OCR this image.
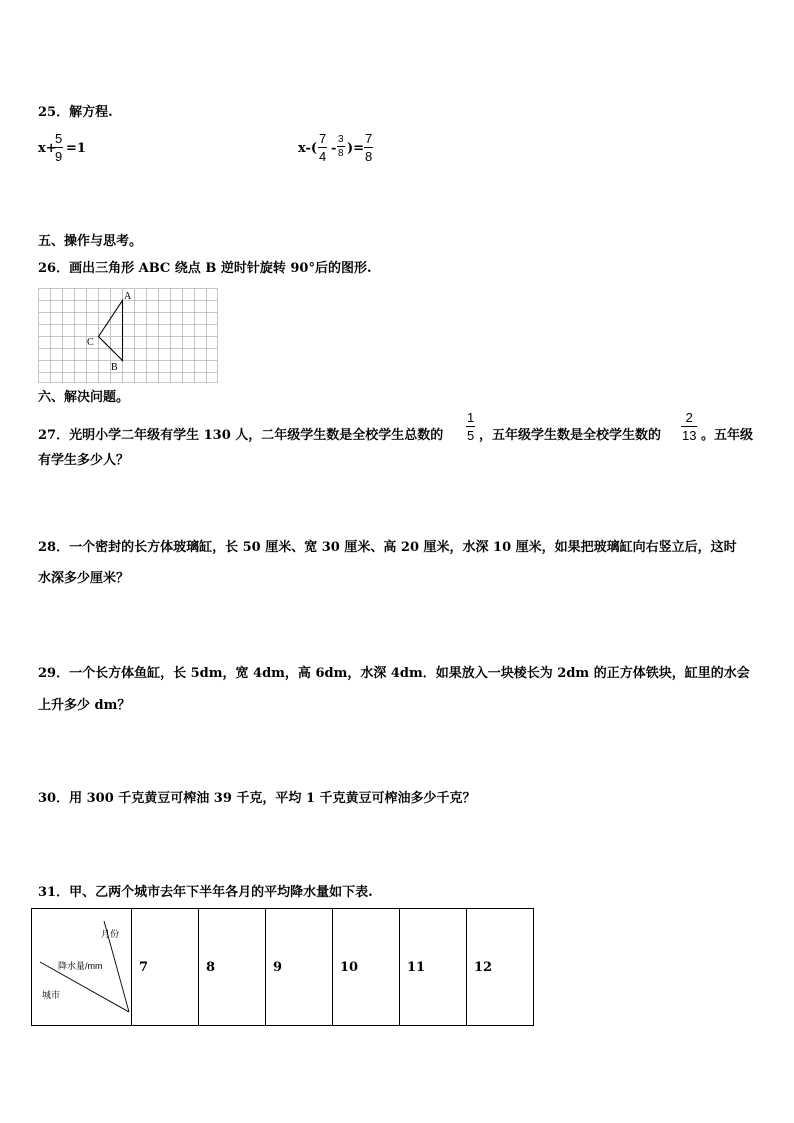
25．解方程.
x+
5
9
=1	x-(
7
4
-
3
8 )=
7
8
五、操作与思考。
26．画出三角形 ABC 绕点 B 逆时针旋转 90°后的图形.
A
B
C
六、解决问题。
27．光明小学二年级有学生 130 人，二年级学生数是全校学生总数的
1
5 ，五年级学生数是全校学生数的
2
13 。五年级
有学生多少人？
28．一个密封的长方体玻璃缸，长 50 厘米、宽 30 厘米、高 20 厘米，水深 10 厘米，如果把玻璃缸向右竖立后，这时
水深多少厘米？
29．一个长方体鱼缸，长 5dm，宽 4dm，高 6dm，水深 4dm．如果放入一块棱长为 2dm 的正方体铁块，缸里的水会
上升多少 dm？
30．用 300 千克黄豆可榨油 39 千克，平均 1 千克黄豆可榨油多少千克？
31．甲、乙两个城市去年下半年各月的平均降水量如下表.
月份
降水量/mm
城市
	7	8	9	10	11	12
